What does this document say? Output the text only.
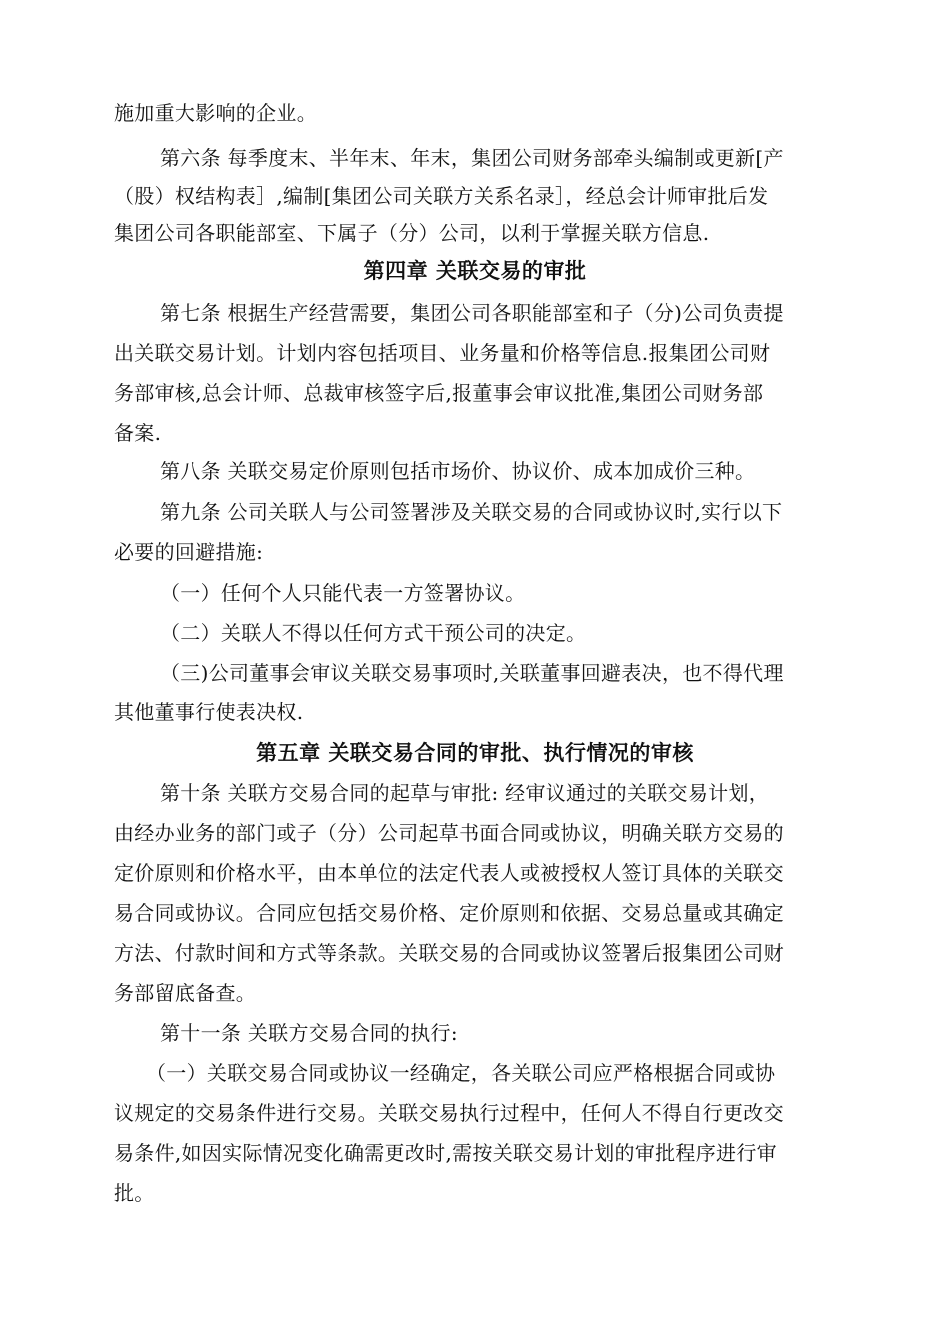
施加重大影响的企业。
第六条 每季度末、半年末、年末，集团公司财务部牵头编制或更新[产
（股）权结构表］,编制[集团公司关联方关系名录］，经总会计师审批后发
集团公司各职能部室、下属子（分）公司，以利于掌握关联方信息.
第四章 关联交易的审批
第七条 根据生产经营需要，集团公司各职能部室和子（分)公司负责提
出关联交易计划。计划内容包括项目、业务量和价格等信息.报集团公司财
务部审核,总会计师、总裁审核签字后,报董事会审议批准,集团公司财务部
备案.
第八条 关联交易定价原则包括市场价、协议价、成本加成价三种。
第九条 公司关联人与公司签署涉及关联交易的合同或协议时,实行以下
必要的回避措施:
（一）任何个人只能代表一方签署协议。
（二）关联人不得以任何方式干预公司的决定。
（三)公司董事会审议关联交易事项时,关联董事回避表决，也不得代理
其他董事行使表决权.
第五章 关联交易合同的审批、执行情况的审核
第十条 关联方交易合同的起草与审批: 经审议通过的关联交易计划，
由经办业务的部门或子（分）公司起草书面合同或协议，明确关联方交易的
定价原则和价格水平，由本单位的法定代表人或被授权人签订具体的关联交
易合同或协议。合同应包括交易价格、定价原则和依据、交易总量或其确定
方法、付款时间和方式等条款。关联交易的合同或协议签署后报集团公司财
务部留底备查。
第十一条 关联方交易合同的执行:
（一）关联交易合同或协议一经确定，各关联公司应严格根据合同或协
议规定的交易条件进行交易。关联交易执行过程中，任何人不得自行更改交
易条件,如因实际情况变化确需更改时,需按关联交易计划的审批程序进行审
批。
